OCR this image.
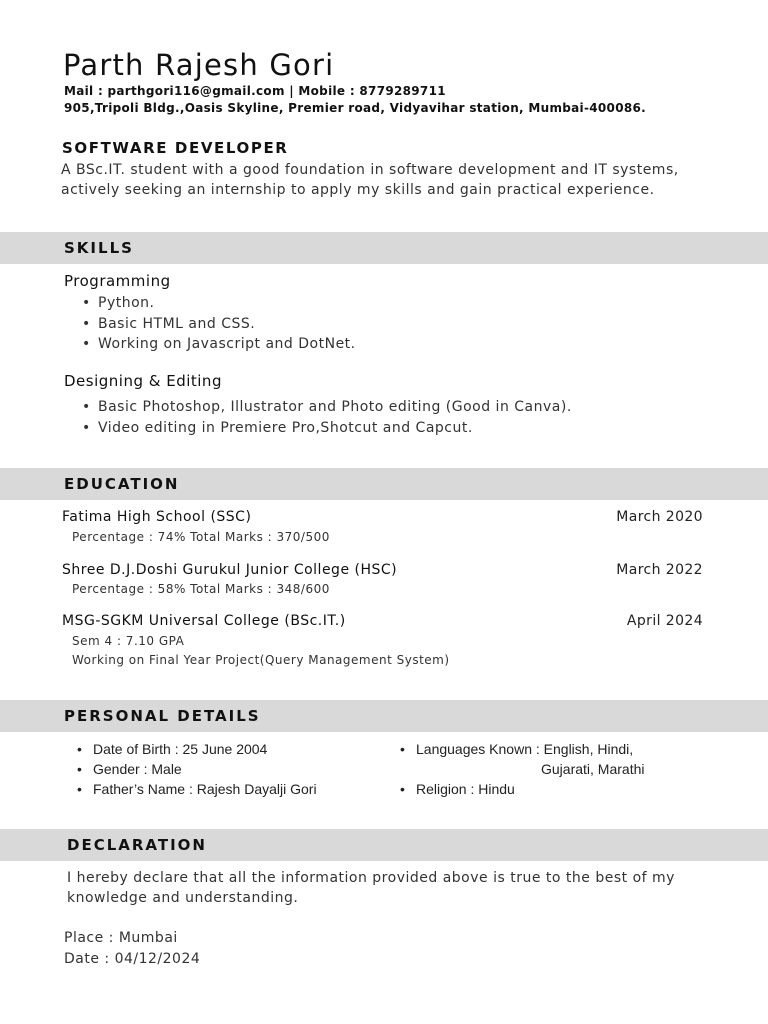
Parth Rajesh Gori

Mail : parthgori116@gmail.com | Mobile : 8779289711

905,Tripoli Bldg.,Oasis Skyline, Premier road, Vidyavihar station, Mumbai-400086.

SOFTWARE DEVELOPER

A BSc.IT. student with a good foundation in software development and IT systems,

actively seeking an internship to apply my skills and gain practical experience.

SKILLS

Programming

• Python.
• Basic HTML and CSS.
• Working on Javascript and DotNet.

Designing & Editing

• Basic Photoshop, Illustrator and Photo editing (Good in Canva).
• Video editing in Premiere Pro,Shotcut and Capcut.
EDUCATION

Fatima High School (SSC)	March 2020

Percentage : 74% Total Marks : 370/500

Shree D.J.Doshi Gurukul Junior College (HSC)	March 2022

Percentage : 58% Total Marks : 348/600

MSG-SGKM Universal College (BSc.IT.)	April 2024

Sem 4 : 7.10 GPA

Working on Final Year Project(Query Management System)

PERSONAL DETAILS
• Date of Birth : 25 June 2004
• Gender : Male
• Father’s Name : Rajesh Dayalji Gori
• Languages Known : English, Hindi,
Gujarati, Marathi
• Religion : Hindu
DECLARATION

I hereby declare that all the information provided above is true to the best of my

knowledge and understanding.

Place : Mumbai

Date : 04/12/2024
